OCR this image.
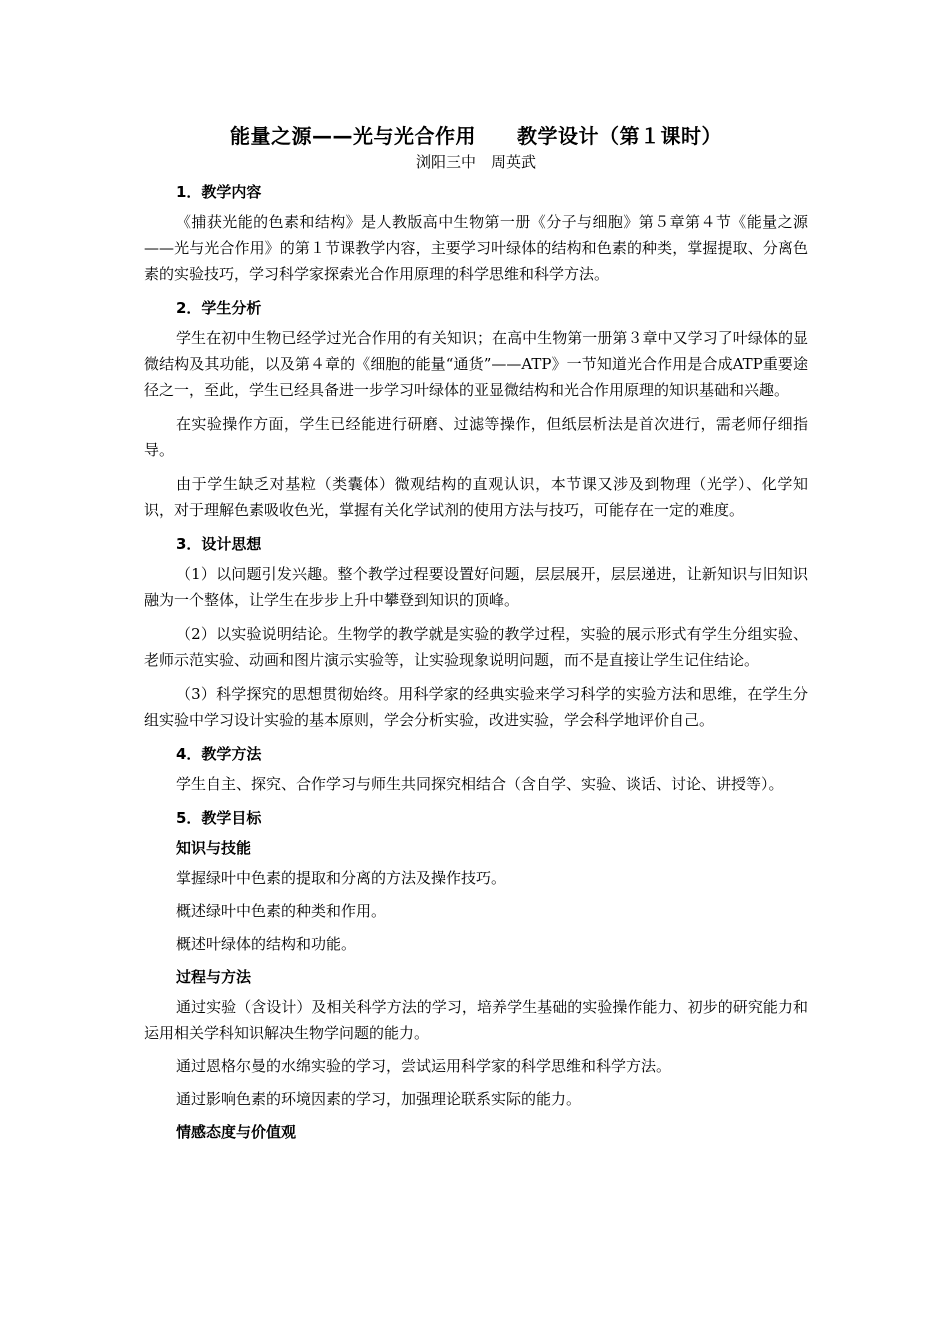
能量之源——光与光合作用　　教学设计（第１课时）
浏阳三中　周英武
1．教学内容

《捕获光能的色素和结构》是人教版高中生物第一册《分子与细胞》第５章第４节《能量之源——光与光合作用》的第１节课教学内容，主要学习叶绿体的结构和色素的种类，掌握提取、分离色素的实验技巧，学习科学家探索光合作用原理的科学思维和科学方法。

2．学生分析

学生在初中生物已经学过光合作用的有关知识；在高中生物第一册第３章中又学习了叶绿体的显微结构及其功能，以及第４章的《细胞的能量“通货”——ATP》一节知道光合作用是合成ATP重要途径之一，至此，学生已经具备进一步学习叶绿体的亚显微结构和光合作用原理的知识基础和兴趣。

在实验操作方面，学生已经能进行研磨、过滤等操作，但纸层析法是首次进行，需老师仔细指导。

由于学生缺乏对基粒（类囊体）微观结构的直观认识，本节课又涉及到物理（光学）、化学知识，对于理解色素吸收色光，掌握有关化学试剂的使用方法与技巧，可能存在一定的难度。

3．设计思想

（1）以问题引发兴趣。整个教学过程要设置好问题，层层展开，层层递进，让新知识与旧知识融为一个整体，让学生在步步上升中攀登到知识的顶峰。

（2）以实验说明结论。生物学的教学就是实验的教学过程，实验的展示形式有学生分组实验、老师示范实验、动画和图片演示实验等，让实验现象说明问题，而不是直接让学生记住结论。

（3）科学探究的思想贯彻始终。用科学家的经典实验来学习科学的实验方法和思维，在学生分组实验中学习设计实验的基本原则，学会分析实验，改进实验，学会科学地评价自己。

4．教学方法

学生自主、探究、合作学习与师生共同探究相结合（含自学、实验、谈话、讨论、讲授等）。

5．教学目标
知识与技能

掌握绿叶中色素的提取和分离的方法及操作技巧。

概述绿叶中色素的种类和作用。

概述叶绿体的结构和功能。

过程与方法

通过实验（含设计）及相关科学方法的学习，培养学生基础的实验操作能力、初步的研究能力和运用相关学科知识解决生物学问题的能力。

通过恩格尔曼的水绵实验的学习，尝试运用科学家的科学思维和科学方法。

通过影响色素的环境因素的学习，加强理论联系实际的能力。

情感态度与价值观
